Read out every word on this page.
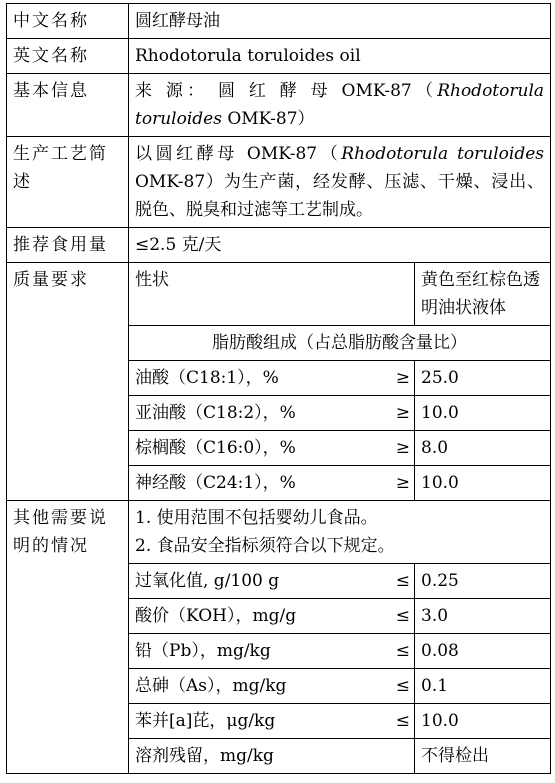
中文名称	圆红酵母油		
英文名称	Rhodotorula toruloides oil		
基本信息	来 源： 圆 红 酵 母 OMK-87（Rhodotorula toruloides OMK-87）		
生产工艺简述	以圆红酵母 OMK-87（Rhodotorula toruloides OMK-87）为生产菌，经发酵、压滤、干燥、浸出、脱色、脱臭和过滤等工艺制成。		
推荐食用量	≤2.5 克/天		
质量要求	性状		黄色至红棕色透明油状液体
	脂肪酸组成（占总脂肪酸含量比）		
	油酸（C18:1），%	≥	25.0
	亚油酸（C18:2），%	≥	10.0
	棕榈酸（C16:0），%	≥	8.0
	神经酸（C24:1），%	≥	10.0
其他需要说明的情况	1. 使用范围不包括婴幼儿食品。
2. 食品安全指标须符合以下规定。		

	过氧化值, g/100 g	≤	0.25
	酸价（KOH），mg/g	≤	3.0
	铅（Pb），mg/kg	≤	0.08
	总砷（As），mg/kg	≤	0.1
	苯并[a]芘，μg/kg	≤	10.0
	溶剂残留，mg/kg		不得检出
